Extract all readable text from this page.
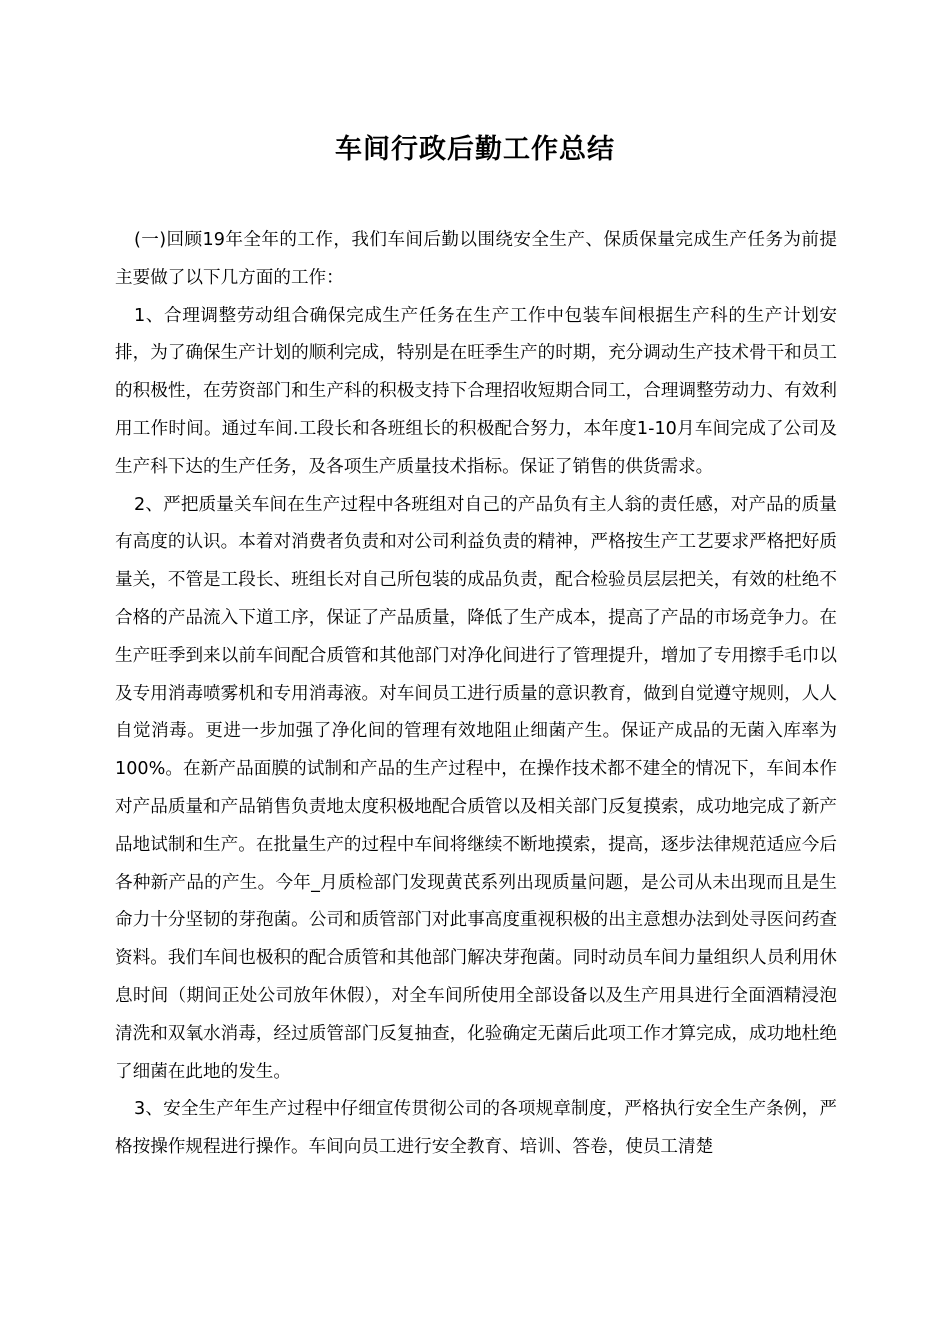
车间行政后勤工作总结

(一)回顾19年全年的工作，我们车间后勤以围绕安全生产、保质保量完成生产任务为前提主要做了以下几方面的工作：

1、合理调整劳动组合确保完成生产任务在生产工作中包装车间根据生产科的生产计划安排，为了确保生产计划的顺利完成，特别是在旺季生产的时期，充分调动生产技术骨干和员工的积极性，在劳资部门和生产科的积极支持下合理招收短期合同工，合理调整劳动力、有效利用工作时间。通过车间.工段长和各班组长的积极配合努力，本年度1-10月车间完成了公司及生产科下达的生产任务，及各项生产质量技术指标。保证了销售的供货需求。

2、严把质量关车间在生产过程中各班组对自己的产品负有主人翁的责任感，对产品的质量有高度的认识。本着对消费者负责和对公司利益负责的精神，严格按生产工艺要求严格把好质量关，不管是工段长、班组长对自己所包装的成品负责，配合检验员层层把关，有效的杜绝不合格的产品流入下道工序，保证了产品质量，降低了生产成本，提高了产品的市场竞争力。在生产旺季到来以前车间配合质管和其他部门对净化间进行了管理提升，增加了专用擦手毛巾以及专用消毒喷雾机和专用消毒液。对车间员工进行质量的意识教育，做到自觉遵守规则，人人自觉消毒。更进一步加强了净化间的管理有效地阻止细菌产生。保证产成品的无菌入库率为100%。在新产品面膜的试制和产品的生产过程中，在操作技术都不建全的情况下，车间本作对产品质量和产品销售负责地太度积极地配合质管以及相关部门反复摸索，成功地完成了新产品地试制和生产。在批量生产的过程中车间将继续不断地摸索，提高，逐步法律规范适应今后各种新产品的产生。今年_月质检部门发现黄芪系列出现质量问题，是公司从未出现而且是生命力十分坚韧的芽孢菌。公司和质管部门对此事高度重视积极的出主意想办法到处寻医问药查资料。我们车间也极积的配合质管和其他部门解决芽孢菌。同时动员车间力量组织人员利用休息时间（期间正处公司放年休假），对全车间所使用全部设备以及生产用具进行全面酒精浸泡清洗和双氧水消毒，经过质管部门反复抽查，化验确定无菌后此项工作才算完成，成功地杜绝了细菌在此地的发生。

3、安全生产年生产过程中仔细宣传贯彻公司的各项规章制度，严格执行安全生产条例，严格按操作规程进行操作。车间向员工进行安全教育、培训、答卷，使员工清楚
